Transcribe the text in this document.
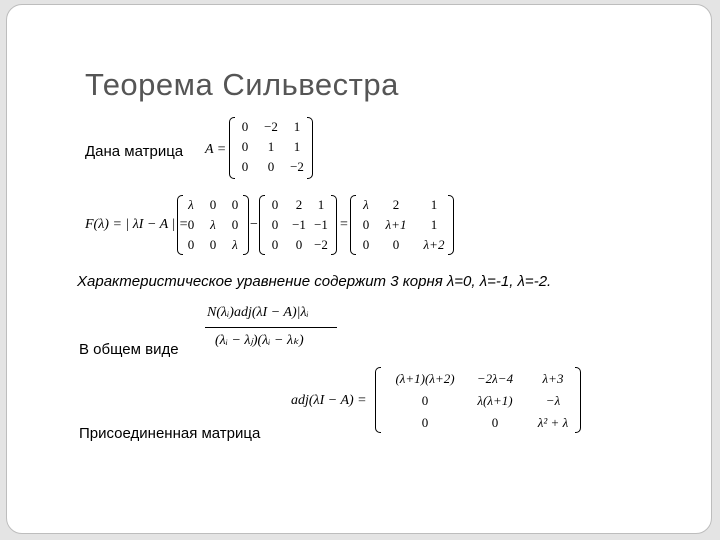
Теорема Сильвестра
Дана матрица A =
0 −2 1
0 1 1
0 0 −2
F(λ) = | λI − A | =
λ 0 0
0 λ 0
0 0 λ
−
0 2 1
0 −1 −1
0 0 −2
=
λ 2 1
0 λ+1 1
0 0 λ+2
Характеристическое уравнение содержит 3 корня λ=0, λ=-1, λ=-2.
N(λᵢ)adj(λI − A)|λᵢ
(λᵢ − λⱼ)(λᵢ − λₖ)
В общем виде
adj(λI − A) =
(λ+1)(λ+2) −2λ−4 λ+3
0	λ(λ+1)	−λ
0	0	λ² + λ
Присоединенная матрица
